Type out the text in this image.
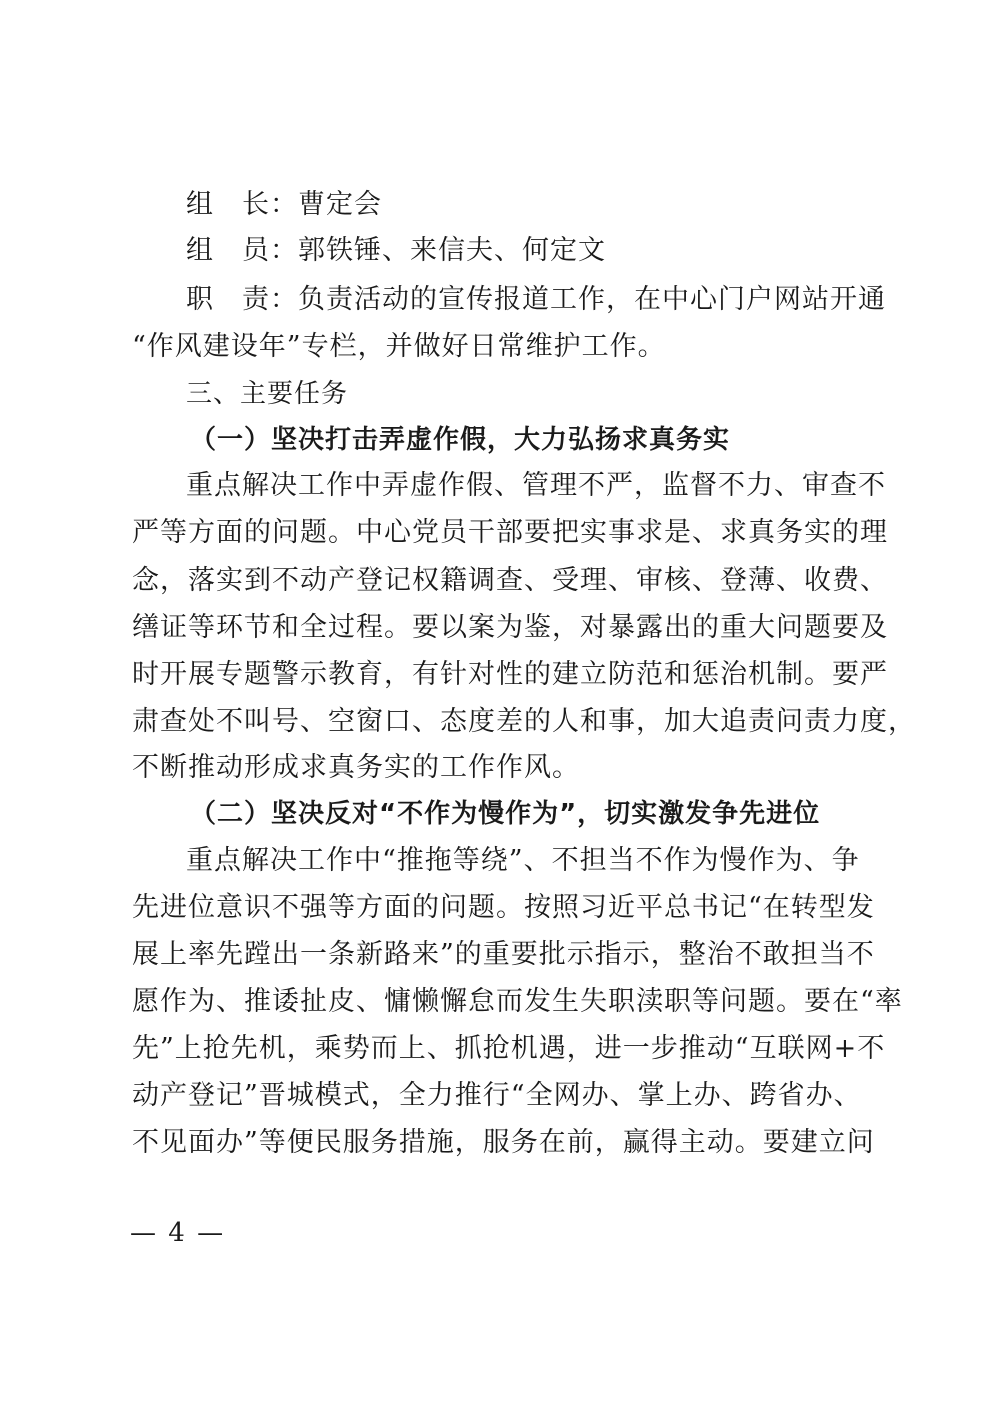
组　长：曹定会
组　员：郭铁锤、来信夫、何定文
职　责：负责活动的宣传报道工作，在中心门户网站开通
“作风建设年”专栏，并做好日常维护工作。
三、主要任务
（一）坚决打击弄虚作假，大力弘扬求真务实
重点解决工作中弄虚作假、管理不严，监督不力、审查不
严等方面的问题。中心党员干部要把实事求是、求真务实的理
念，落实到不动产登记权籍调查、受理、审核、登薄、收费、
缮证等环节和全过程。要以案为鉴，对暴露出的重大问题要及
时开展专题警示教育，有针对性的建立防范和惩治机制。要严
肃查处不叫号、空窗口、态度差的人和事，加大追责问责力度，
不断推动形成求真务实的工作作风。
（二）坚决反对“不作为慢作为”，切实激发争先进位
重点解决工作中“推拖等绕”、不担当不作为慢作为、争
先进位意识不强等方面的问题。按照习近平总书记“在转型发
展上率先蹚出一条新路来”的重要批示指示，整治不敢担当不
愿作为、推诿扯皮、慵懒懈怠而发生失职渎职等问题。要在“率
先”上抢先机，乘势而上、抓抢机遇，进一步推动“互联网+不
动产登记”晋城模式，全力推行“全网办、掌上办、跨省办、
不见面办”等便民服务措施，服务在前，赢得主动。要建立问
— 4 —
